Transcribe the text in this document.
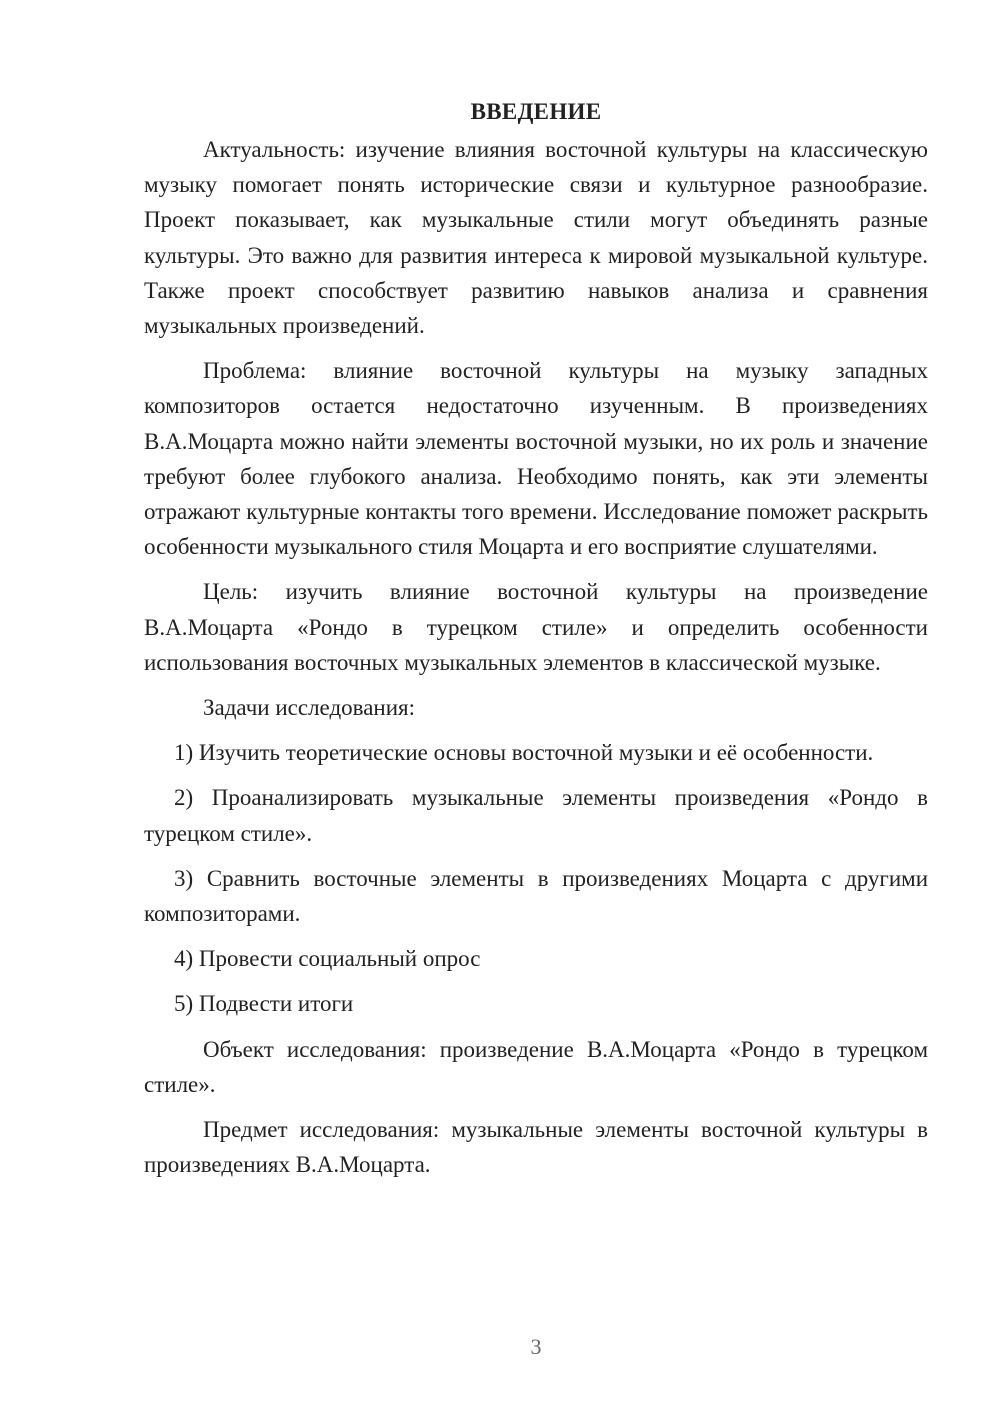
ВВЕДЕНИЕ

Актуальность: изучение влияния восточной культуры на классическую музыку помогает понять исторические связи и культурное разнообразие. Проект показывает, как музыкальные стили могут объединять разные культуры. Это важно для развития интереса к мировой музыкальной культуре. Также проект способствует развитию навыков анализа и сравнения музыкальных произведений.

Проблема: влияние восточной культуры на музыку западных композиторов остается недостаточно изученным. В произведениях В.А.Моцарта можно найти элементы восточной музыки, но их роль и значение требуют более глубокого анализа. Необходимо понять, как эти элементы отражают культурные контакты того времени. Исследование поможет раскрыть особенности музыкального стиля Моцарта и его восприятие слушателями.

Цель: изучить влияние восточной культуры на произведение В.А.Моцарта «Рондо в турецком стиле» и определить особенности использования восточных музыкальных элементов в классической музыке.

Задачи исследования:

1) Изучить теоретические основы восточной музыки и её особенности.

2) Проанализировать музыкальные элементы произведения «Рондо в турецком стиле».

3) Сравнить восточные элементы в произведениях Моцарта с другими композиторами.

4) Провести социальный опрос

5) Подвести итоги

Объект исследования: произведение В.А.Моцарта «Рондо в турецком стиле».

Предмет исследования: музыкальные элементы восточной культуры в произведениях В.А.Моцарта.

3
